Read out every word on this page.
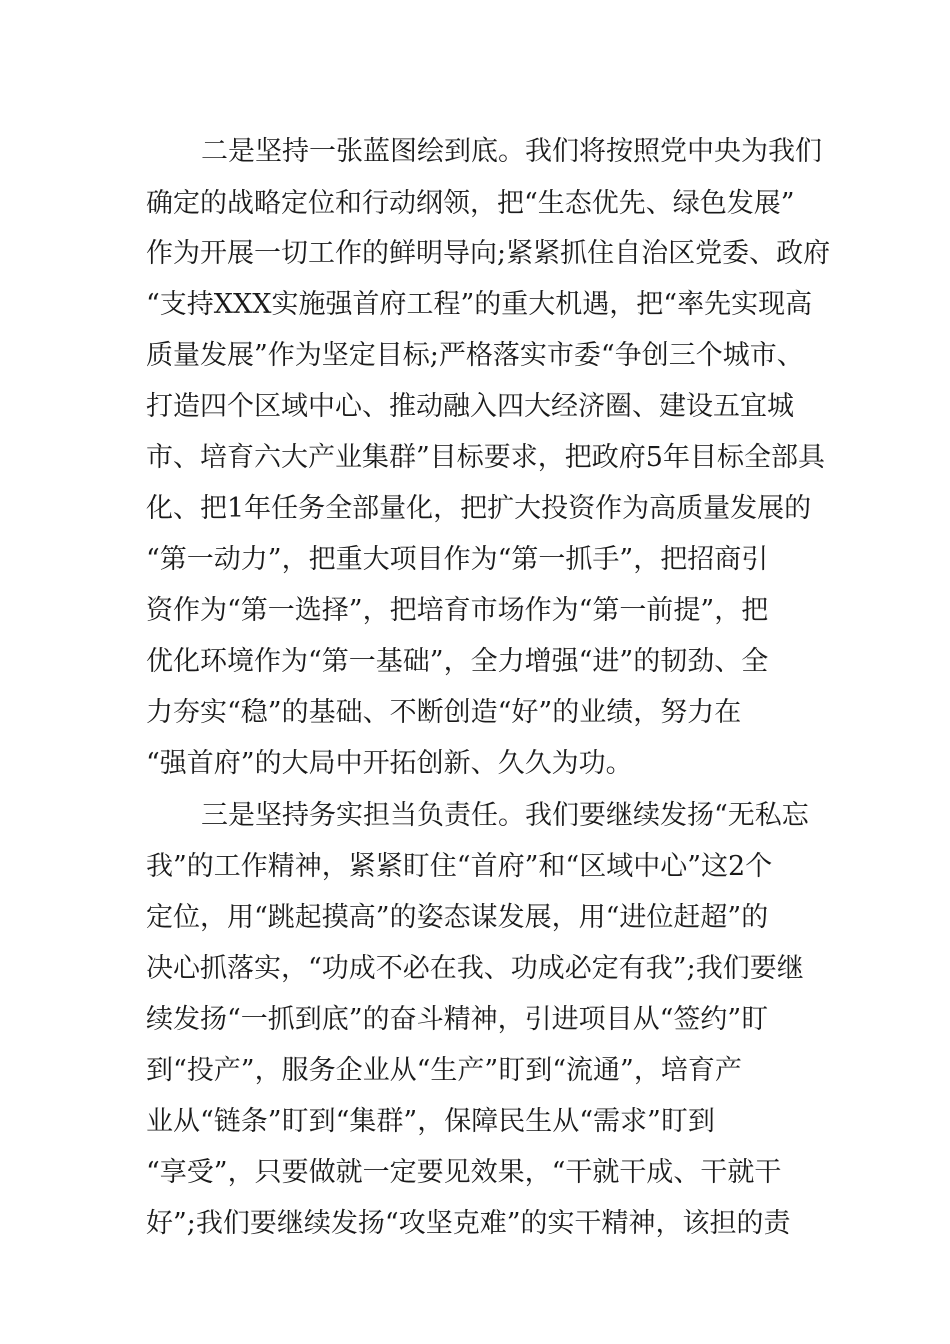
二是坚持一张蓝图绘到底。我们将按照党中央为我们
确定的战略定位和行动纲领，把“生态优先、绿色发展”
作为开展一切工作的鲜明导向;紧紧抓住自治区党委、政府
“支持XXX实施强首府工程”的重大机遇，把“率先实现高
质量发展”作为坚定目标;严格落实市委“争创三个城市、
打造四个区域中心、推动融入四大经济圈、建设五宜城
市、培育六大产业集群”目标要求，把政府5年目标全部具
化、把1年任务全部量化，把扩大投资作为高质量发展的
“第一动力”，把重大项目作为“第一抓手”，把招商引
资作为“第一选择”，把培育市场作为“第一前提”，把
优化环境作为“第一基础”，全力增强“进”的韧劲、全
力夯实“稳”的基础、不断创造“好”的业绩，努力在
“强首府”的大局中开拓创新、久久为功。
三是坚持务实担当负责任。我们要继续发扬“无私忘
我”的工作精神，紧紧盯住“首府”和“区域中心”这2个
定位，用“跳起摸高”的姿态谋发展，用“进位赶超”的
决心抓落实，“功成不必在我、功成必定有我”;我们要继
续发扬“一抓到底”的奋斗精神，引进项目从“签约”盯
到“投产”，服务企业从“生产”盯到“流通”，培育产
业从“链条”盯到“集群”，保障民生从“需求”盯到
“享受”，只要做就一定要见效果，“干就干成、干就干
好”;我们要继续发扬“攻坚克难”的实干精神，该担的责
